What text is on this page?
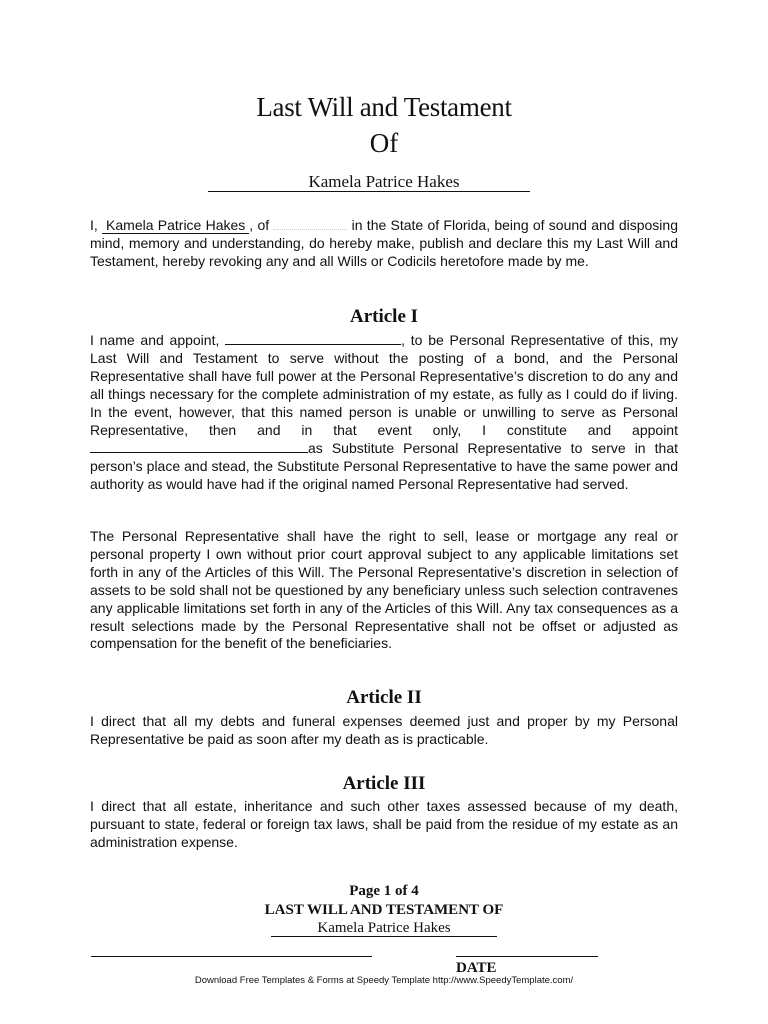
Last Will and Testament
Of
Kamela Patrice Hakes

I, Kamela Patrice Hakes , of	in the State of Florida, being of sound and disposing mind, memory and understanding, do hereby make, publish and declare this my Last Will and Testament, hereby revoking any and all Wills or Codicils heretofore made by me.

Article I

I name and appoint,	, to be Personal Representative of this, my Last Will and Testament to serve without the posting of a bond, and the Personal Representative shall have full power at the Personal Representative’s discretion to do any and all things necessary for the complete administration of my estate, as fully as I could do if living. In the event, however, that this named person is unable or unwilling to serve as Personal Representative, then and in that event only, I constitute and appoint as Substitute Personal Representative to serve in that person’s place and stead, the Substitute Personal Representative to have the same power and authority as would have had if the original named Personal Representative had served.

The Personal Representative shall have the right to sell, lease or mortgage any real or personal property I own without prior court approval subject to any applicable limitations set forth in any of the Articles of this Will. The Personal Representative’s discretion in selection of assets to be sold shall not be questioned by any beneficiary unless such selection contravenes any applicable limitations set forth in any of the Articles of this Will. Any tax consequences as a result selections made by the Personal Representative shall not be offset or adjusted as compensation for the benefit of the beneficiaries.

Article II

I direct that all my debts and funeral expenses deemed just and proper by my Personal Representative be paid as soon after my death as is practicable.

Article III

I direct that all estate, inheritance and such other taxes assessed because of my death, pursuant to state, federal or foreign tax laws, shall be paid from the residue of my estate as an administration expense.

Page 1 of 4
LAST WILL AND TESTAMENT OF
Kamela Patrice Hakes
DATE
Download Free Templates & Forms at Speedy Template http://www.SpeedyTemplate.com/
